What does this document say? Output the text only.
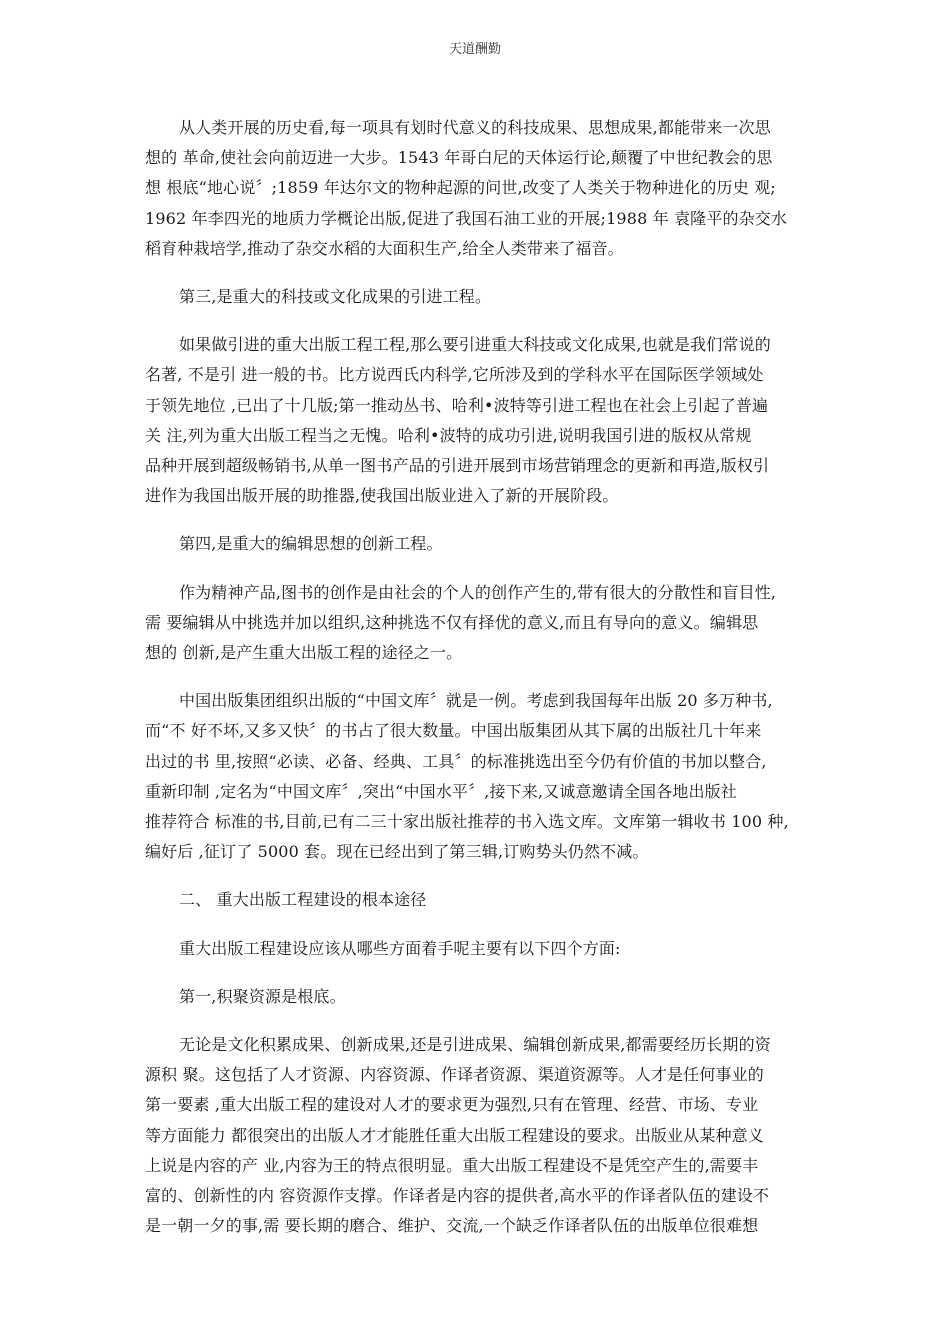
天道酬勤
从人类开展的历史看,每一项具有划时代意义的科技成果、思想成果,都能带来一次思
想的 革命,使社会向前迈进一大步。1543 年哥白尼的天体运行论,颠覆了中世纪教会的思
想 根底“地心说〞;1859 年达尔文的物种起源的问世,改变了人类关于物种进化的历史 观;
1962 年李四光的地质力学概论出版,促进了我国石油工业的开展;1988 年 袁隆平的杂交水
稻育种栽培学,推动了杂交水稻的大面积生产,给全人类带来了福音。
第三,是重大的科技或文化成果的引进工程。
如果做引进的重大出版工程工程,那么要引进重大科技或文化成果,也就是我们常说的
名著, 不是引 进一般的书。比方说西氏内科学,它所涉及到的学科水平在国际医学领域处
于领先地位 ,已出了十几版;第一推动丛书、哈利•波特等引进工程也在社会上引起了普遍
关 注,列为重大出版工程当之无愧。哈利•波特的成功引进,说明我国引进的版权从常规
品种开展到超级畅销书,从单一图书产品的引进开展到市场营销理念的更新和再造,版权引
进作为我国出版开展的助推器,使我国出版业进入了新的开展阶段。
第四,是重大的编辑思想的创新工程。
作为精神产品,图书的创作是由社会的个人的创作产生的,带有很大的分散性和盲目性,
需 要编辑从中挑选并加以组织,这种挑选不仅有择优的意义,而且有导向的意义。编辑思
想的 创新,是产生重大出版工程的途径之一。
中国出版集团组织出版的“中国文库〞就是一例。考虑到我国每年出版 20 多万种书,
而“不 好不坏,又多又快〞的书占了很大数量。中国出版集团从其下属的出版社几十年来
出过的书 里,按照“必读、必备、经典、工具〞的标准挑选出至今仍有价值的书加以整合,
重新印制 ,定名为“中国文库〞,突出“中国水平〞,接下来,又诚意邀请全国各地出版社
推荐符合 标准的书,目前,已有二三十家出版社推荐的书入选文库。文库第一辑收书 100 种,
编好后 ,征订了 5000 套。现在已经出到了第三辑,订购势头仍然不减。
二、 重大出版工程建设的根本途径
重大出版工程建设应该从哪些方面着手呢主要有以下四个方面:
第一,积聚资源是根底。
无论是文化积累成果、创新成果,还是引进成果、编辑创新成果,都需要经历长期的资
源积 聚。这包括了人才资源、内容资源、作译者资源、渠道资源等。人才是任何事业的
第一要素 ,重大出版工程的建设对人才的要求更为强烈,只有在管理、经营、市场、专业
等方面能力 都很突出的出版人才才能胜任重大出版工程建设的要求。出版业从某种意义
上说是内容的产 业,内容为王的特点很明显。重大出版工程建设不是凭空产生的,需要丰
富的、创新性的内 容资源作支撑。作译者是内容的提供者,高水平的作译者队伍的建设不
是一朝一夕的事,需 要长期的磨合、维护、交流,一个缺乏作译者队伍的出版单位很难想
